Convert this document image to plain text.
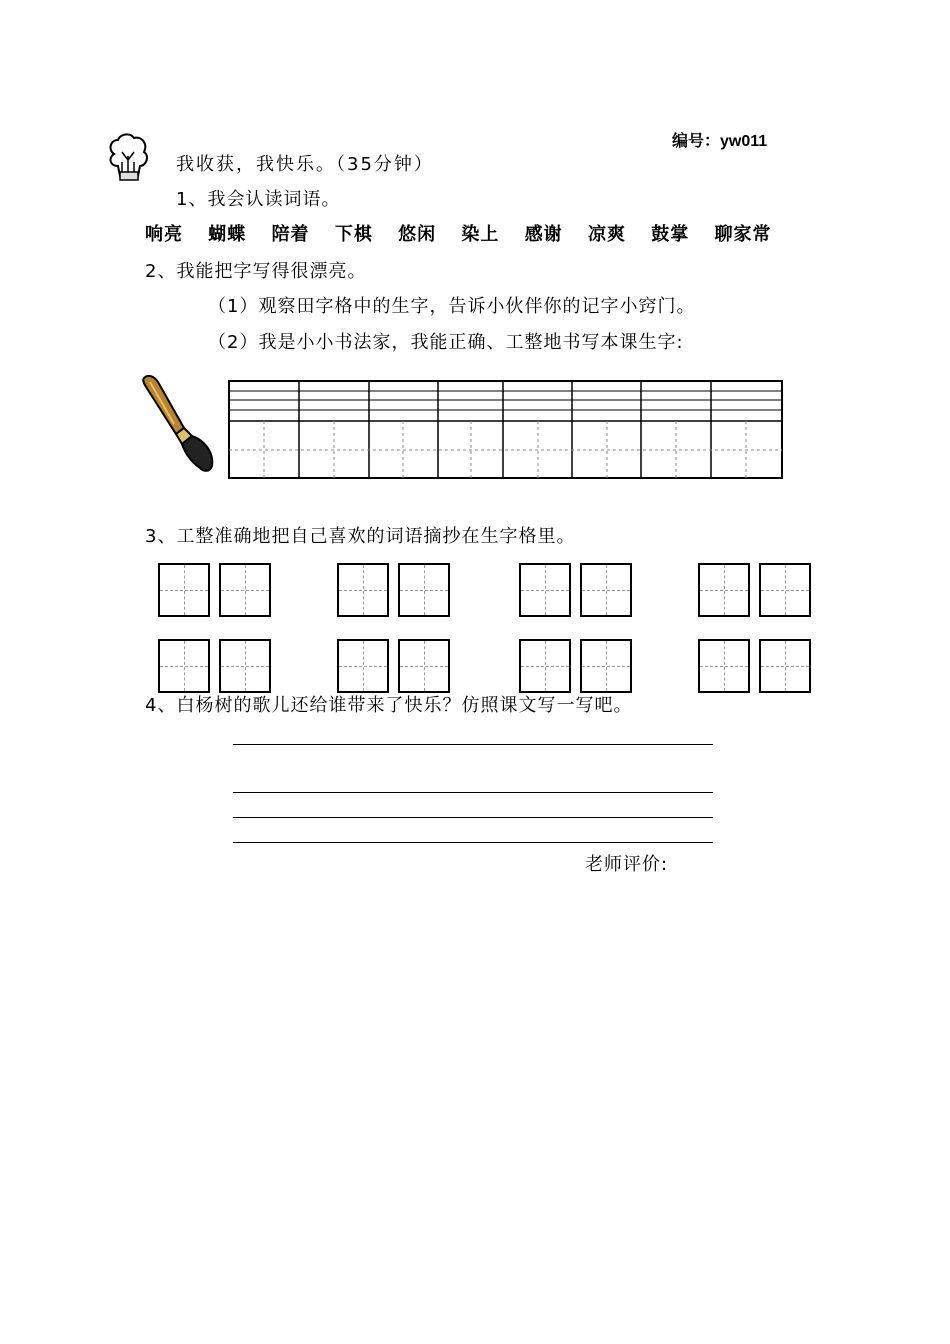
编号：yw011
我收获，我快乐。（35分钟）
1、我会认读词语。
响亮 蝴蝶 陪着 下棋 悠闲 染上 感谢 凉爽 鼓掌 聊家常
2、我能把字写得很漂亮。
（1）观察田字格中的生字，告诉小伙伴你的记字小窍门。
（2）我是小小书法家，我能正确、工整地书写本课生字:
3、工整准确地把自己喜欢的词语摘抄在生字格里。
4、白杨树的歌儿还给谁带来了快乐？仿照课文写一写吧。
老师评价:
